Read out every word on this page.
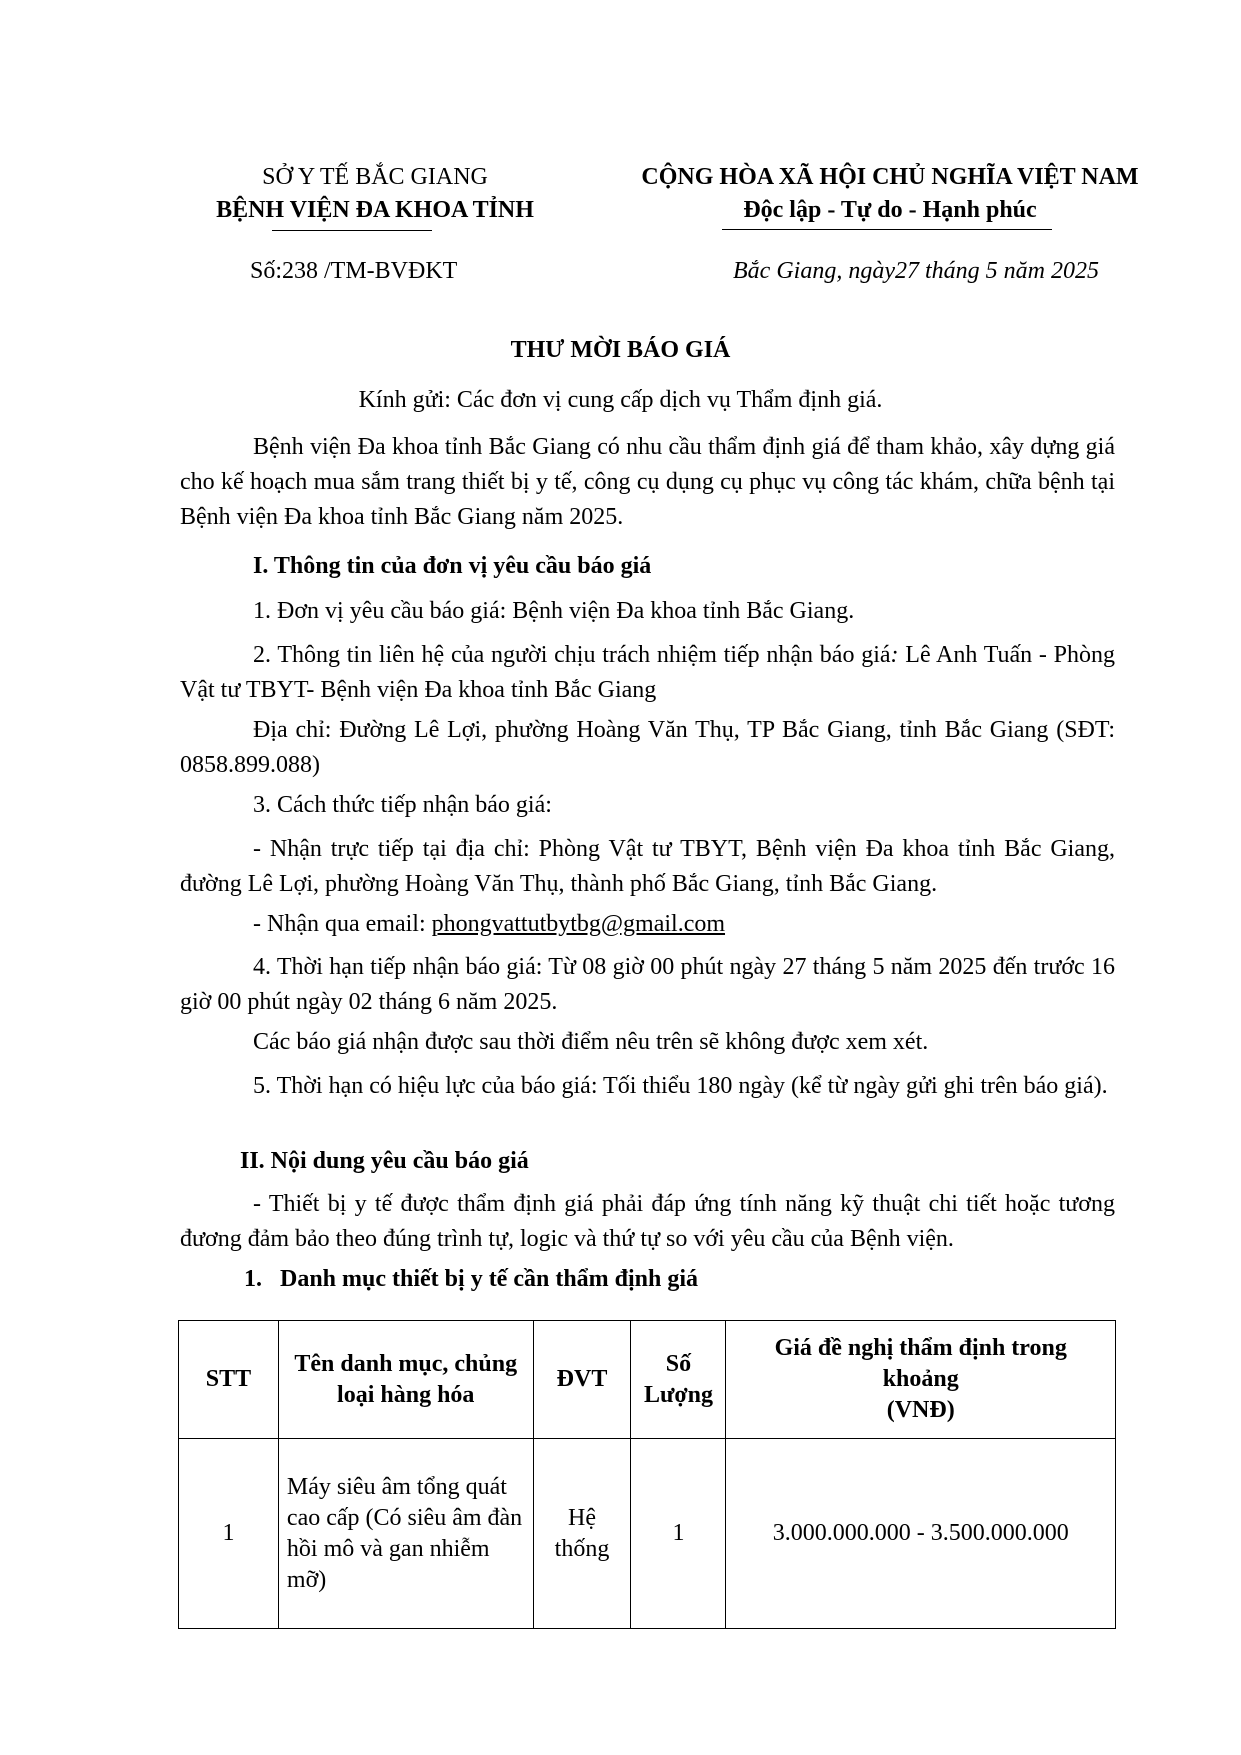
SỞ Y TẾ BẮC GIANG
BỆNH VIỆN ĐA KHOA TỈNH
CỘNG HÒA XÃ HỘI CHỦ NGHĨA VIỆT NAM
Độc lập - Tự do - Hạnh phúc
Số:238 /TM-BVĐKT	Bắc Giang, ngày27 tháng 5 năm 2025
THƯ MỜI BÁO GIÁ
Kính gửi: Các đơn vị cung cấp dịch vụ Thẩm định giá.
Bệnh viện Đa khoa tỉnh Bắc Giang có nhu cầu thẩm định giá để tham khảo, xây dựng giá cho kế hoạch mua sắm trang thiết bị y tế, công cụ dụng cụ phục vụ công tác khám, chữa bệnh tại Bệnh viện Đa khoa tỉnh Bắc Giang năm 2025.
I. Thông tin của đơn vị yêu cầu báo giá
1. Đơn vị yêu cầu báo giá: Bệnh viện Đa khoa tỉnh Bắc Giang.
2. Thông tin liên hệ của người chịu trách nhiệm tiếp nhận báo giá: Lê Anh Tuấn - Phòng Vật tư TBYT- Bệnh viện Đa khoa tỉnh Bắc Giang
Địa chỉ: Đường Lê Lợi, phường Hoàng Văn Thụ, TP Bắc Giang, tỉnh Bắc Giang (SĐT: 0858.899.088)
3. Cách thức tiếp nhận báo giá:
- Nhận trực tiếp tại địa chỉ: Phòng Vật tư TBYT, Bệnh viện Đa khoa tỉnh Bắc Giang, đường Lê Lợi, phường Hoàng Văn Thụ, thành phố Bắc Giang, tỉnh Bắc Giang.
- Nhận qua email: phongvattutbytbg@gmail.com
4. Thời hạn tiếp nhận báo giá: Từ 08 giờ 00 phút ngày 27 tháng 5 năm 2025 đến trước 16 giờ 00 phút ngày 02 tháng 6 năm 2025.
Các báo giá nhận được sau thời điểm nêu trên sẽ không được xem xét.
5. Thời hạn có hiệu lực của báo giá: Tối thiểu 180 ngày (kể từ ngày gửi ghi trên báo giá).
II. Nội dung yêu cầu báo giá
- Thiết bị y tế được thẩm định giá phải đáp ứng tính năng kỹ thuật chi tiết hoặc tương đương đảm bảo theo đúng trình tự, logic và thứ tự so với yêu cầu của Bệnh viện.
1. Danh mục thiết bị y tế cần thẩm định giá
STT	Tên danh mục, chủng loại hàng hóa	ĐVT	Số Lượng	Giá đề nghị thẩm định trong khoảng
(VNĐ)

1	Máy siêu âm tổng quát cao cấp (Có siêu âm đàn hồi mô và gan nhiễm mỡ)	Hệ thống	1	3.000.000.000 - 3.500.000.000
